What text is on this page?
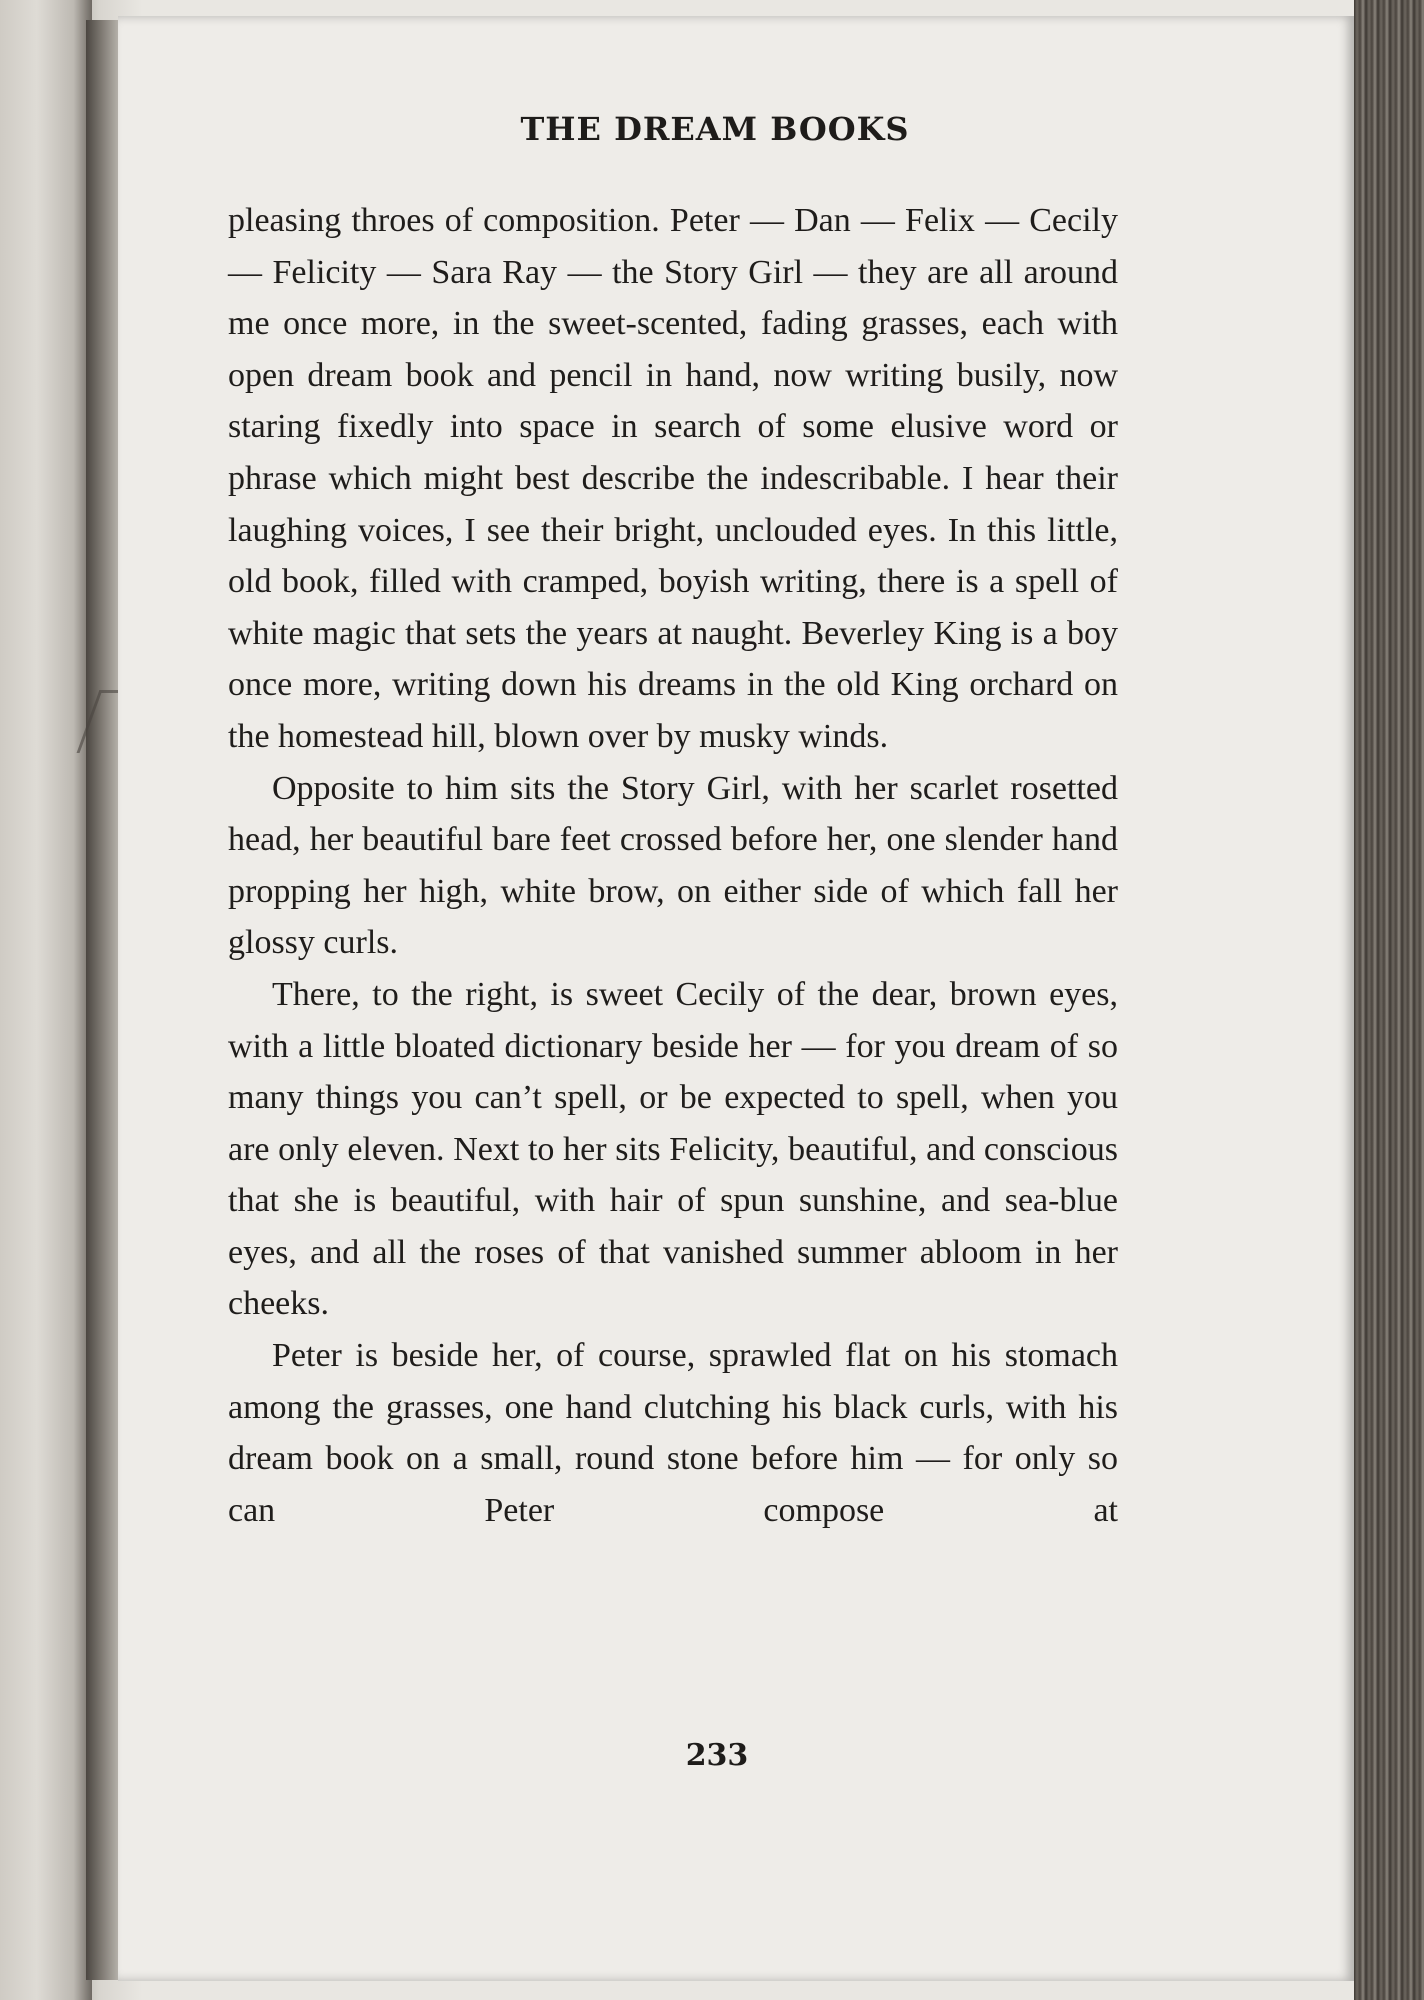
THE DREAM BOOKS

pleasing throes of composition. Peter — Dan — Felix — Cecily — Felicity — Sara Ray — the Story Girl — they are all around me once more, in the sweet-scented, fading grasses, each with open dream book and pencil in hand, now writing busily, now staring fixedly into space in search of some elusive word or phrase which might best describe the indescribable. I hear their laughing voices, I see their bright, unclouded eyes. In this little, old book, filled with cramped, boyish writing, there is a spell of white magic that sets the years at naught. Beverley King is a boy once more, writing down his dreams in the old King orchard on the homestead hill, blown over by musky winds.

Opposite to him sits the Story Girl, with her scarlet rosetted head, her beautiful bare feet crossed before her, one slender hand propping her high, white brow, on either side of which fall her glossy curls.

There, to the right, is sweet Cecily of the dear, brown eyes, with a little bloated dictionary beside her — for you dream of so many things you can’t spell, or be expected to spell, when you are only eleven. Next to her sits Felicity, beautiful, and conscious that she is beautiful, with hair of spun sunshine, and sea-blue eyes, and all the roses of that vanished summer abloom in her cheeks.

Peter is beside her, of course, sprawled flat on his stomach among the grasses, one hand clutching his black curls, with his dream book on a small, round stone before him — for only so can Peter compose at

233
